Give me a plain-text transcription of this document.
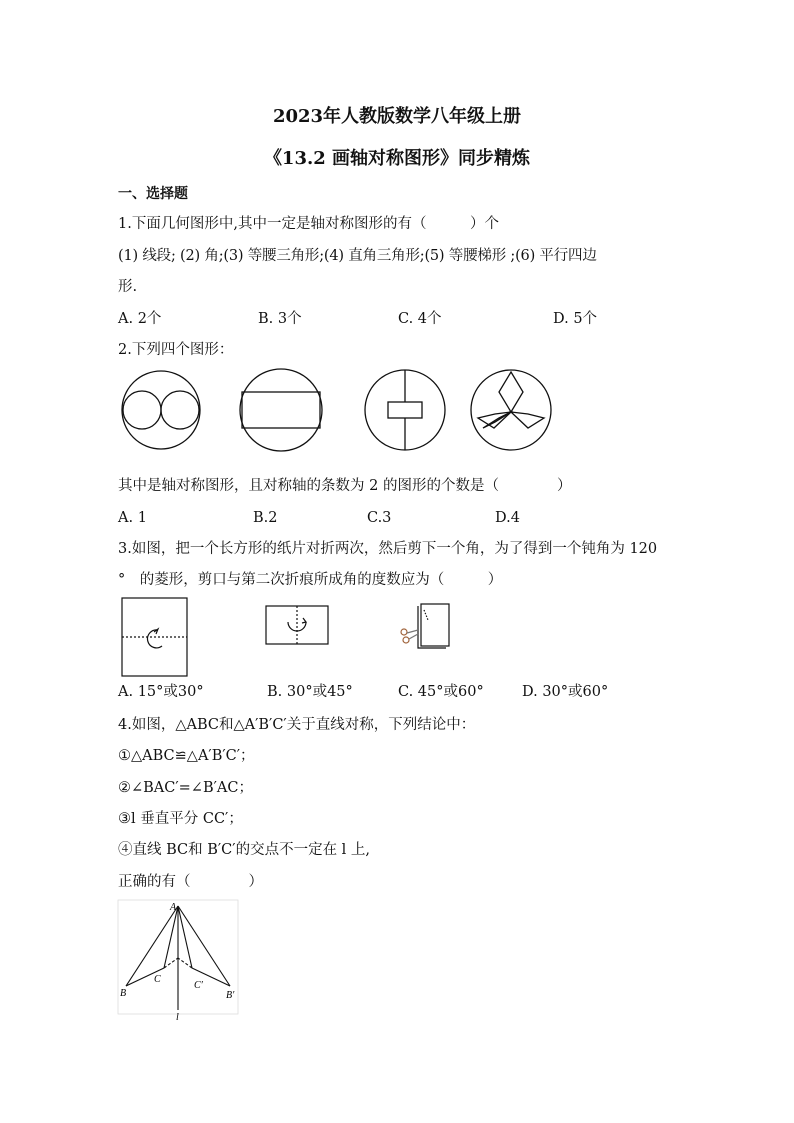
2023年人教版数学八年级上册
《13.2 画轴对称图形》同步精炼
一、选择题
1.下面几何图形中,其中一定是轴对称图形的有（　　　）个
(1) 线段; (2) 角;(3) 等腰三角形;(4) 直角三角形;(5) 等腰梯形 ;(6) 平行四边
形.
A. 2个	B. 3个	C. 4个	D. 5个
2.下列四个图形：
其中是轴对称图形，且对称轴的条数为 2 的图形的个数是（　　　　）
A. 1	B.2	C.3	D.4
3.如图，把一个长方形的纸片对折两次，然后剪下一个角，为了得到一个钝角为 120
°　的菱形，剪口与第二次折痕所成角的度数应为（　　　）
A. 15°或30°	B. 30°或45°	C. 45°或60°	D. 30°或60°
4.如图，△ABC和△A′B′C′关于直线对称，下列结论中：
①△ABC≌△A′B′C′；
②∠BAC′=∠B′AC；
③l 垂直平分 CC′；
④直线 BC和 B′C′的交点不一定在 l 上,
正确的有（　　　　）
A
B
C
C′
B′
l
